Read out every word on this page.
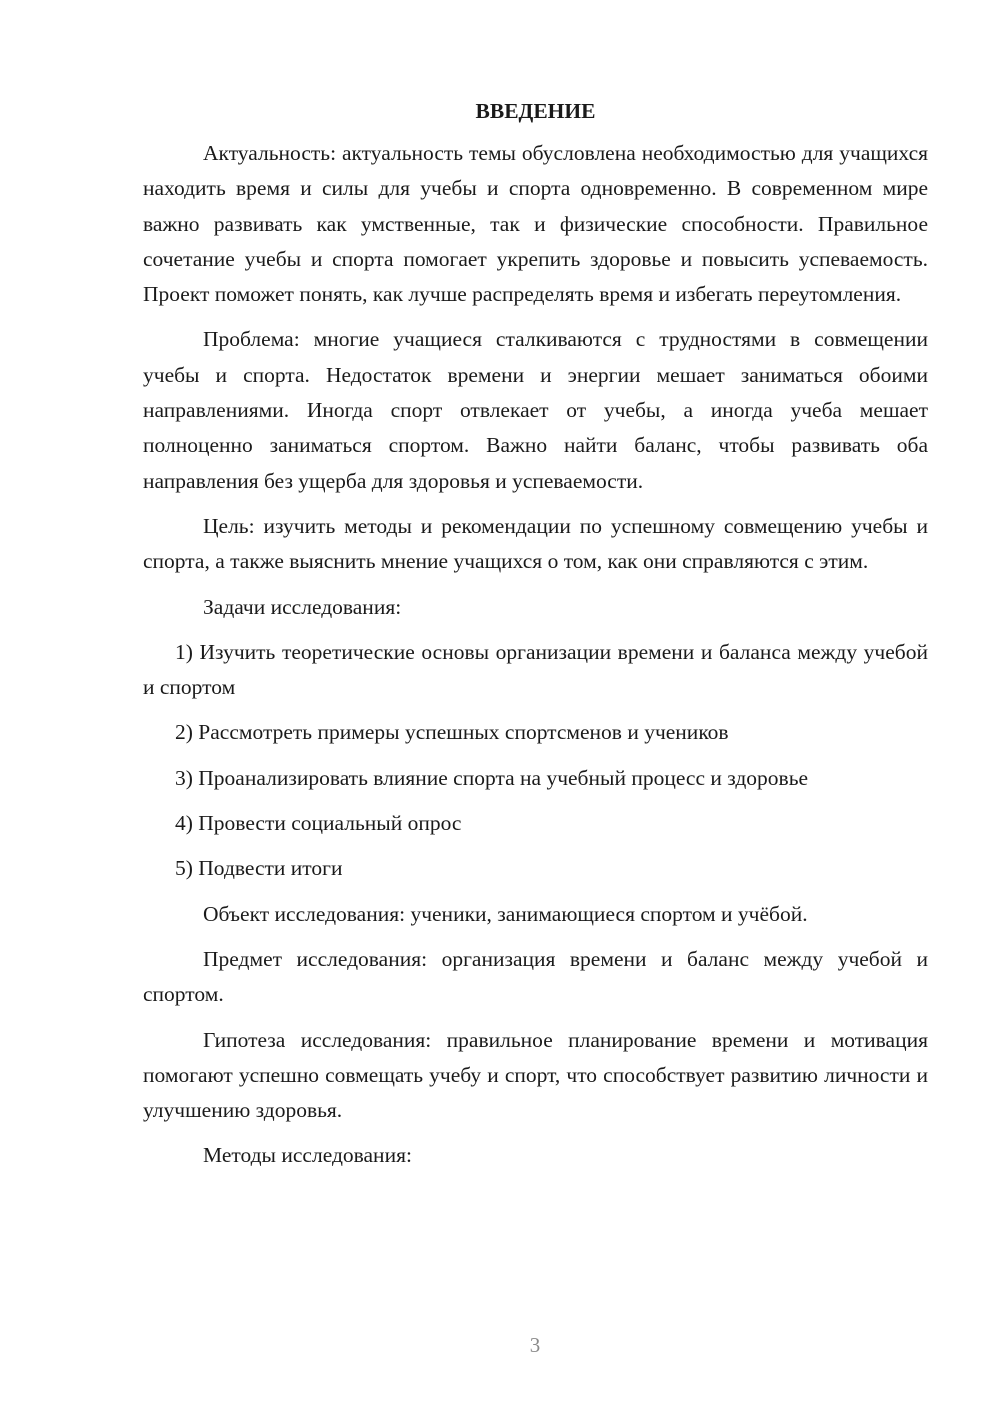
ВВЕДЕНИЕ

Актуальность: актуальность темы обусловлена необходимостью для учащихся находить время и силы для учебы и спорта одновременно. В современном мире важно развивать как умственные, так и физические способности. Правильное сочетание учебы и спорта помогает укрепить здоровье и повысить успеваемость. Проект поможет понять, как лучше распределять время и избегать переутомления.

Проблема: многие учащиеся сталкиваются с трудностями в совмещении учебы и спорта. Недостаток времени и энергии мешает заниматься обоими направлениями. Иногда спорт отвлекает от учебы, а иногда учеба мешает полноценно заниматься спортом. Важно найти баланс, чтобы развивать оба направления без ущерба для здоровья и успеваемости.

Цель: изучить методы и рекомендации по успешному совмещению учебы и спорта, а также выяснить мнение учащихся о том, как они справляются с этим.

Задачи исследования:

1) Изучить теоретические основы организации времени и баланса между учебой и спортом

2) Рассмотреть примеры успешных спортсменов и учеников

3) Проанализировать влияние спорта на учебный процесс и здоровье

4) Провести социальный опрос

5) Подвести итоги

Объект исследования: ученики, занимающиеся спортом и учёбой.

Предмет исследования: организация времени и баланс между учебой и спортом.

Гипотеза исследования: правильное планирование времени и мотивация помогают успешно совмещать учебу и спорт, что способствует развитию личности и улучшению здоровья.

Методы исследования:

3
